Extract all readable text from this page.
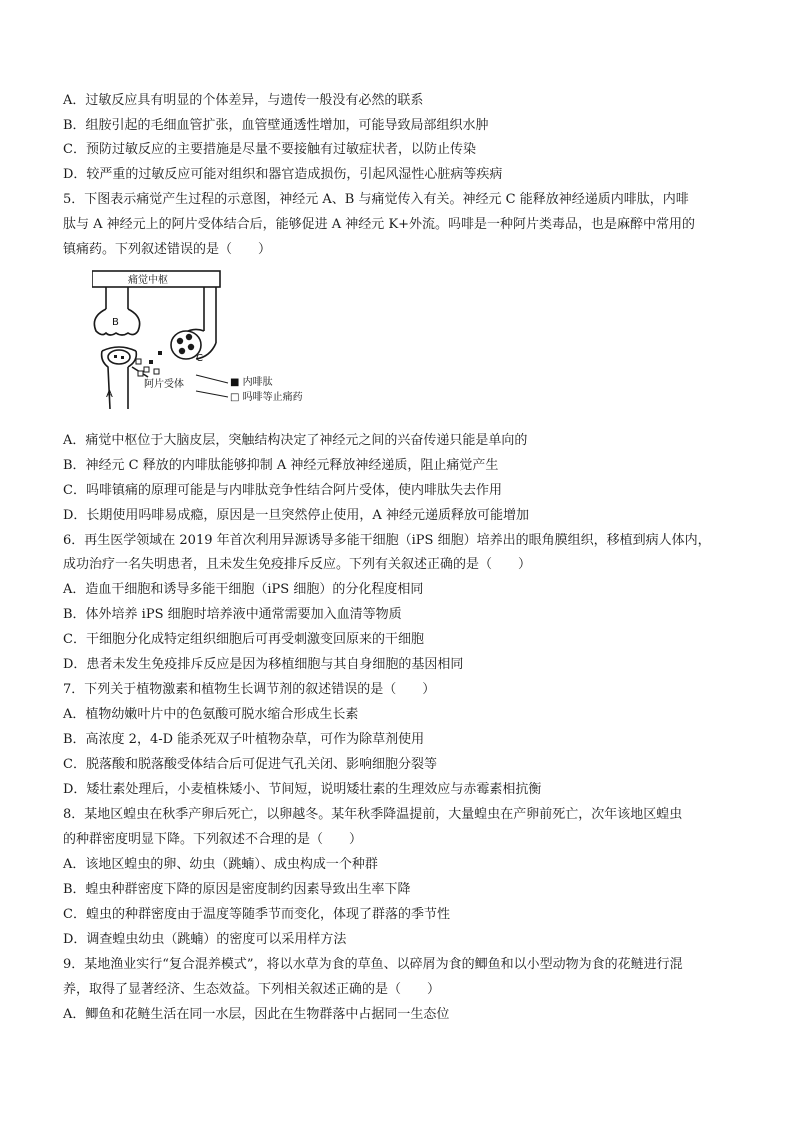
A．过敏反应具有明显的个体差异，与遗传一般没有必然的联系
B．组胺引起的毛细血管扩张，血管壁通透性增加，可能导致局部组织水肿
C．预防过敏反应的主要措施是尽量不要接触有过敏症状者，以防止传染
D．较严重的过敏反应可能对组织和器官造成损伤，引起风湿性心脏病等疾病
5．下图表示痛觉产生过程的示意图，神经元 A、B 与痛觉传入有关。神经元 C 能释放神经递质内啡肽，内啡
肽与 A 神经元上的阿片受体结合后，能够促进 A 神经元 K+外流。吗啡是一种阿片类毒品，也是麻醉中常用的
镇痛药。下列叙述错误的是（　　）
痛觉中枢
B
A
C
阿片受体	■ 内啡肽
□ 吗啡等止痛药
A．痛觉中枢位于大脑皮层，突触结构决定了神经元之间的兴奋传递只能是单向的
B．神经元 C 释放的内啡肽能够抑制 A 神经元释放神经递质，阻止痛觉产生
C．吗啡镇痛的原理可能是与内啡肽竞争性结合阿片受体，使内啡肽失去作用
D．长期使用吗啡易成瘾，原因是一旦突然停止使用，A 神经元递质释放可能增加
6．再生医学领域在 2019 年首次利用异源诱导多能干细胞（iPS 细胞）培养出的眼角膜组织，移植到病人体内，
成功治疗一名失明患者，且未发生免疫排斥反应。下列有关叙述正确的是（　　）
A．造血干细胞和诱导多能干细胞（iPS 细胞）的分化程度相同
B．体外培养 iPS 细胞时培养液中通常需要加入血清等物质
C．干细胞分化成特定组织细胞后可再受刺激变回原来的干细胞
D．患者未发生免疫排斥反应是因为移植细胞与其自身细胞的基因相同
7．下列关于植物激素和植物生长调节剂的叙述错误的是（　　）
A．植物幼嫩叶片中的色氨酸可脱水缩合形成生长素
B．高浓度 2，4-D 能杀死双子叶植物杂草，可作为除草剂使用
C．脱落酸和脱落酸受体结合后可促进气孔关闭、影响细胞分裂等
D．矮壮素处理后，小麦植株矮小、节间短，说明矮壮素的生理效应与赤霉素相抗衡
8．某地区蝗虫在秋季产卵后死亡，以卵越冬。某年秋季降温提前，大量蝗虫在产卵前死亡，次年该地区蝗虫
的种群密度明显下降。下列叙述不合理的是（　　）
A．该地区蝗虫的卵、幼虫（跳蝻）、成虫构成一个种群
B．蝗虫种群密度下降的原因是密度制约因素导致出生率下降
C．蝗虫的种群密度由于温度等随季节而变化，体现了群落的季节性
D．调查蝗虫幼虫（跳蝻）的密度可以采用样方法
9．某地渔业实行“复合混养模式”，将以水草为食的草鱼、以碎屑为食的鲫鱼和以小型动物为食的花鲢进行混
养，取得了显著经济、生态效益。下列相关叙述正确的是（　　）
A．鲫鱼和花鲢生活在同一水层，因此在生物群落中占据同一生态位
